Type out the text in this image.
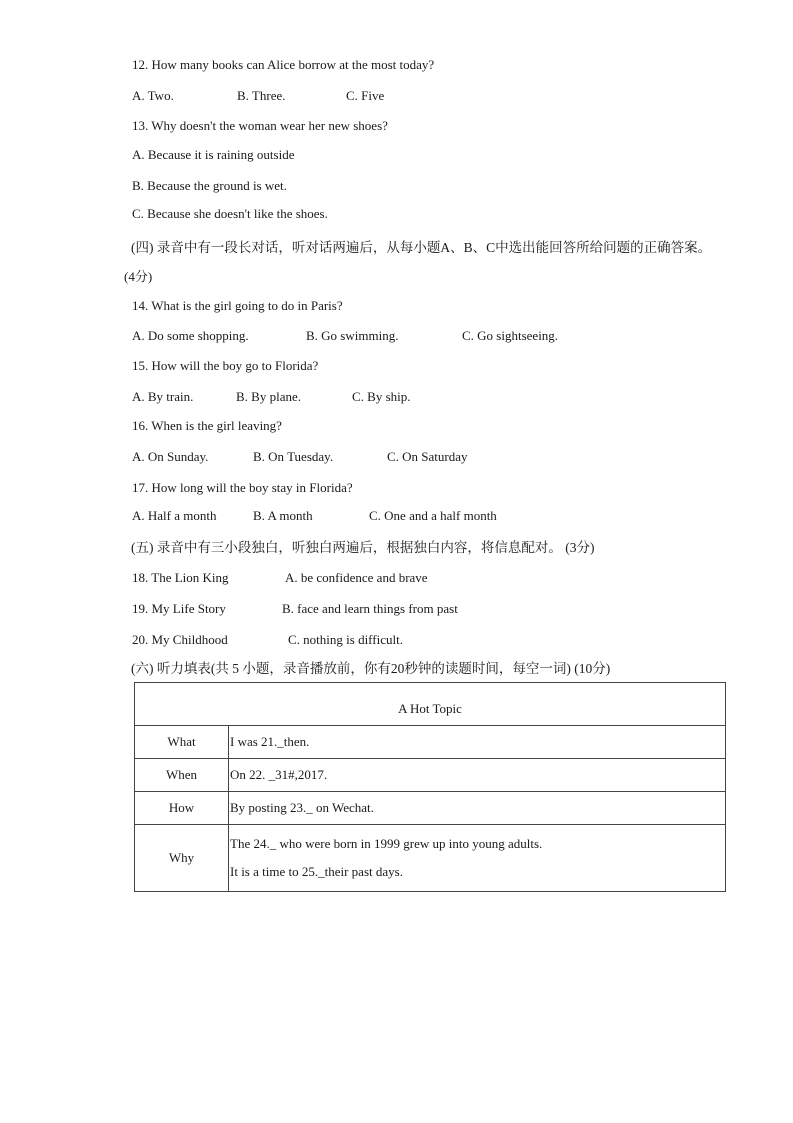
12. How many books can Alice borrow at the most today?
A. Two.	B. Three.	C. Five
13. Why doesn't the woman wear her new shoes?
A. Because it is raining outside
B. Because the ground is wet.
C. Because she doesn't like the shoes.
(四) 录音中有一段长对话，听对话两遍后，从每小题A、B、C中选出能回答所给问题的正确答案。
(4分)
14. What is the girl going to do in Paris?
A. Do some shopping.	B. Go swimming.	C. Go sightseeing.
15. How will the boy go to Florida?
A. By train.	B. By plane.	C. By ship.
16. When is the girl leaving?
A. On Sunday.	B. On Tuesday.	C. On Saturday
17. How long will the boy stay in Florida?
A. Half a month	B. A month	C. One and a half month
(五) 录音中有三小段独白，听独白两遍后，根据独白内容，将信息配对。 (3分)
18. The Lion King	A. be confidence and brave
19. My Life Story	B. face and learn things from past
20. My Childhood	C. nothing is difficult.
(六) 听力填表(共 5 小题，录音播放前，你有20秒钟的读题时间，每空一词) (10分)
A Hot Topic	
What	I was 21._then.
When	On 22. _31#,2017.
How	By posting 23._ on Wechat.
Why	The 24._ who were born in 1999 grew up into young adults.
It is a time to 25._their past days.
